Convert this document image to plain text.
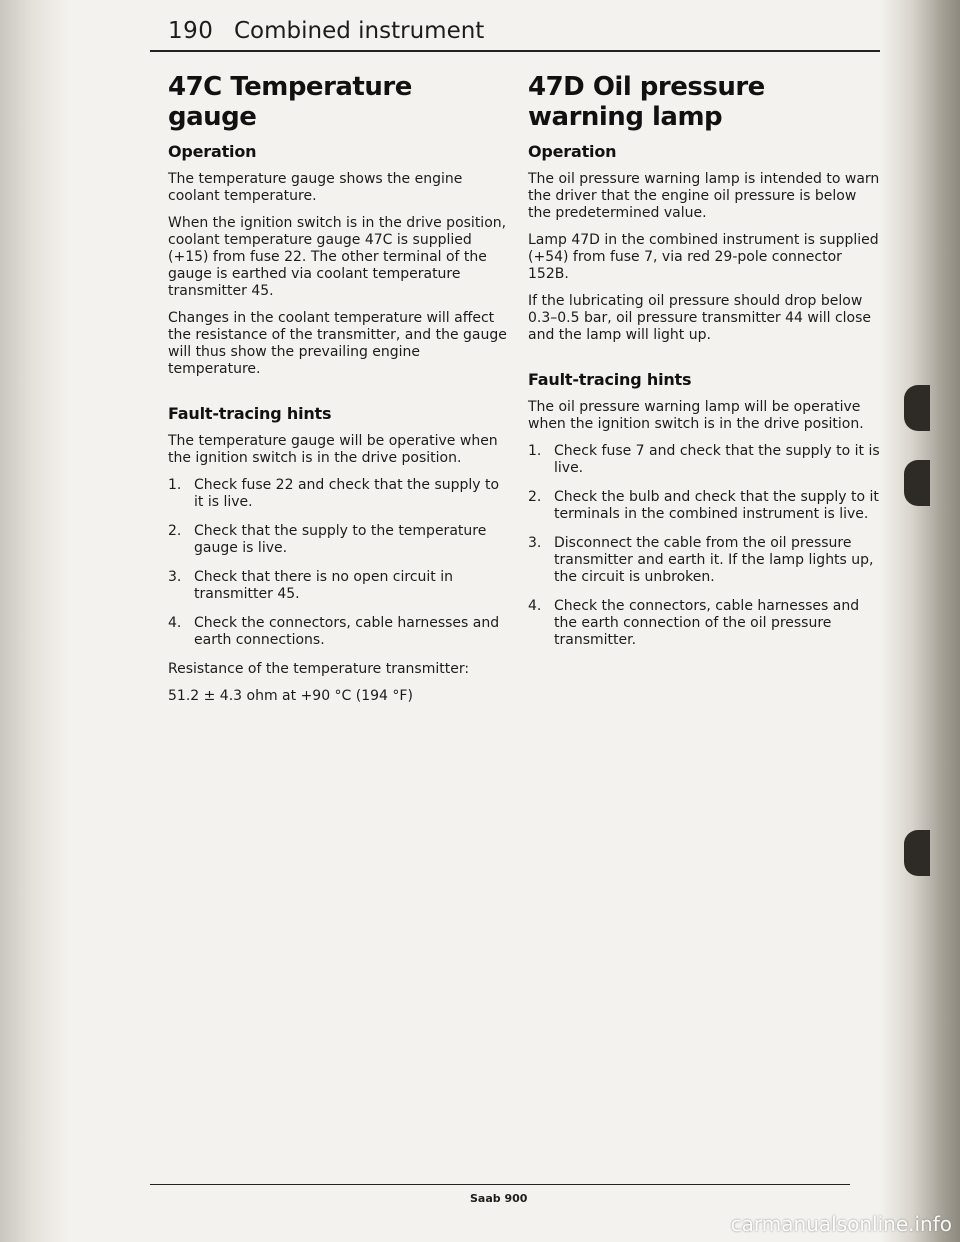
190 Combined instrument
47C Temperature gauge
Operation

The temperature gauge shows the engine coolant temperature.

When the ignition switch is in the drive position, coolant temperature gauge 47C is supplied (+15) from fuse 22. The other terminal of the gauge is earthed via coolant temperature transmitter 45.

Changes in the coolant temperature will affect the resistance of the transmitter, and the gauge will thus show the prevailing engine temperature.

Fault-tracing hints

The temperature gauge will be operative when the ignition switch is in the drive position.

1. Check fuse 22 and check that the supply to it is live.
2. Check that the supply to the temperature gauge is live.
3. Check that there is no open circuit in transmitter 45.
4. Check the connectors, cable harnesses and earth connections.

Resistance of the temperature transmitter:

51.2 ± 4.3 ohm at +90 °C (194 °F)

47D Oil pressure warning lamp
Operation

The oil pressure warning lamp is intended to warn the driver that the engine oil pressure is below the predetermined value.

Lamp 47D in the combined instrument is supplied (+54) from fuse 7, via red 29-pole connector 152B.

If the lubricating oil pressure should drop below 0.3–0.5 bar, oil pressure transmitter 44 will close and the lamp will light up.

Fault-tracing hints

The oil pressure warning lamp will be operative when the ignition switch is in the drive position.

1. Check fuse 7 and check that the supply to it is live.
2. Check the bulb and check that the supply to it terminals in the combined instrument is live.
3. Disconnect the cable from the oil pressure transmitter and earth it. If the lamp lights up, the circuit is unbroken.
4. Check the connectors, cable harnesses and the earth connection of the oil pressure transmitter.
Saab 900
carmanualsonline.info
